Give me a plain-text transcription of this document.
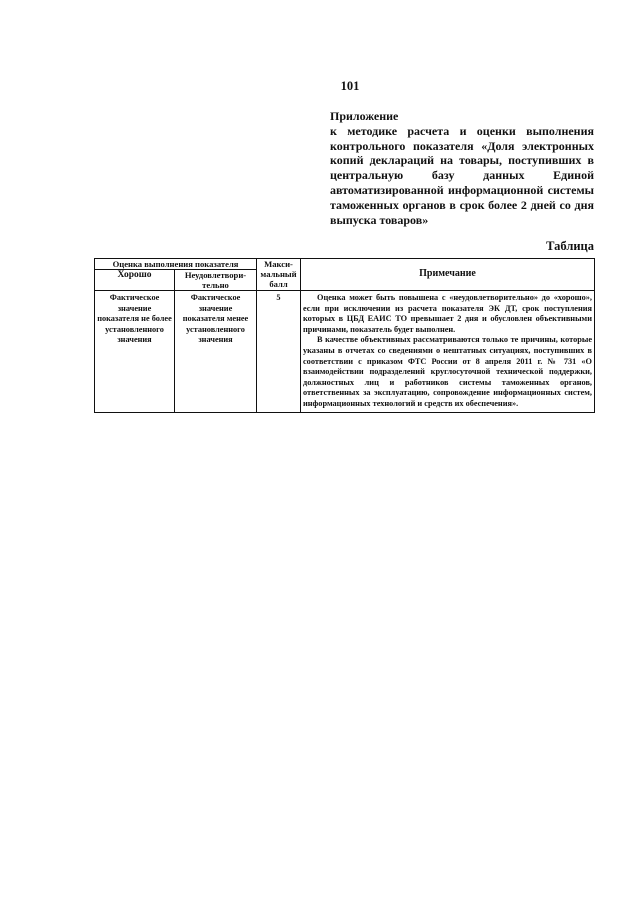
101
Приложение
к методике расчета и оценки выполнения контрольного показателя «Доля электронных копий деклараций на товары, поступивших в центральную базу данных Единой автоматизированной информационной системы таможенных органов в срок более 2 дней со дня выпуска товаров»
Таблица
Оценка выполнения показателя		Макси- мальный балл	Примечание
Хорошо	Неудовлетвори- тельно		
Фактическое значение показателя не более установленного значения	Фактическое значение показателя менее установленного значения	5	Оценка может быть повышена с «неудовлетворительно» до «хорошо», если при исключении из расчета показателя ЭК ДТ, срок поступления которых в ЦБД ЕАИС ТО превышает 2 дня и обусловлен объективными причинами, показатель будет выполнен.

В качестве объективных рассматриваются только те причины, которые указаны в отчетах со сведениями о нештатных ситуациях, поступивших в соответствии с приказом ФТС России от 8 апреля 2011 г. № 731 «О взаимодействии подразделений круглосуточной технической поддержки, должностных лиц и работников системы таможенных органов, ответственных за эксплуатацию, сопровождение информационных систем, информационных технологий и средств их обеспечения».
